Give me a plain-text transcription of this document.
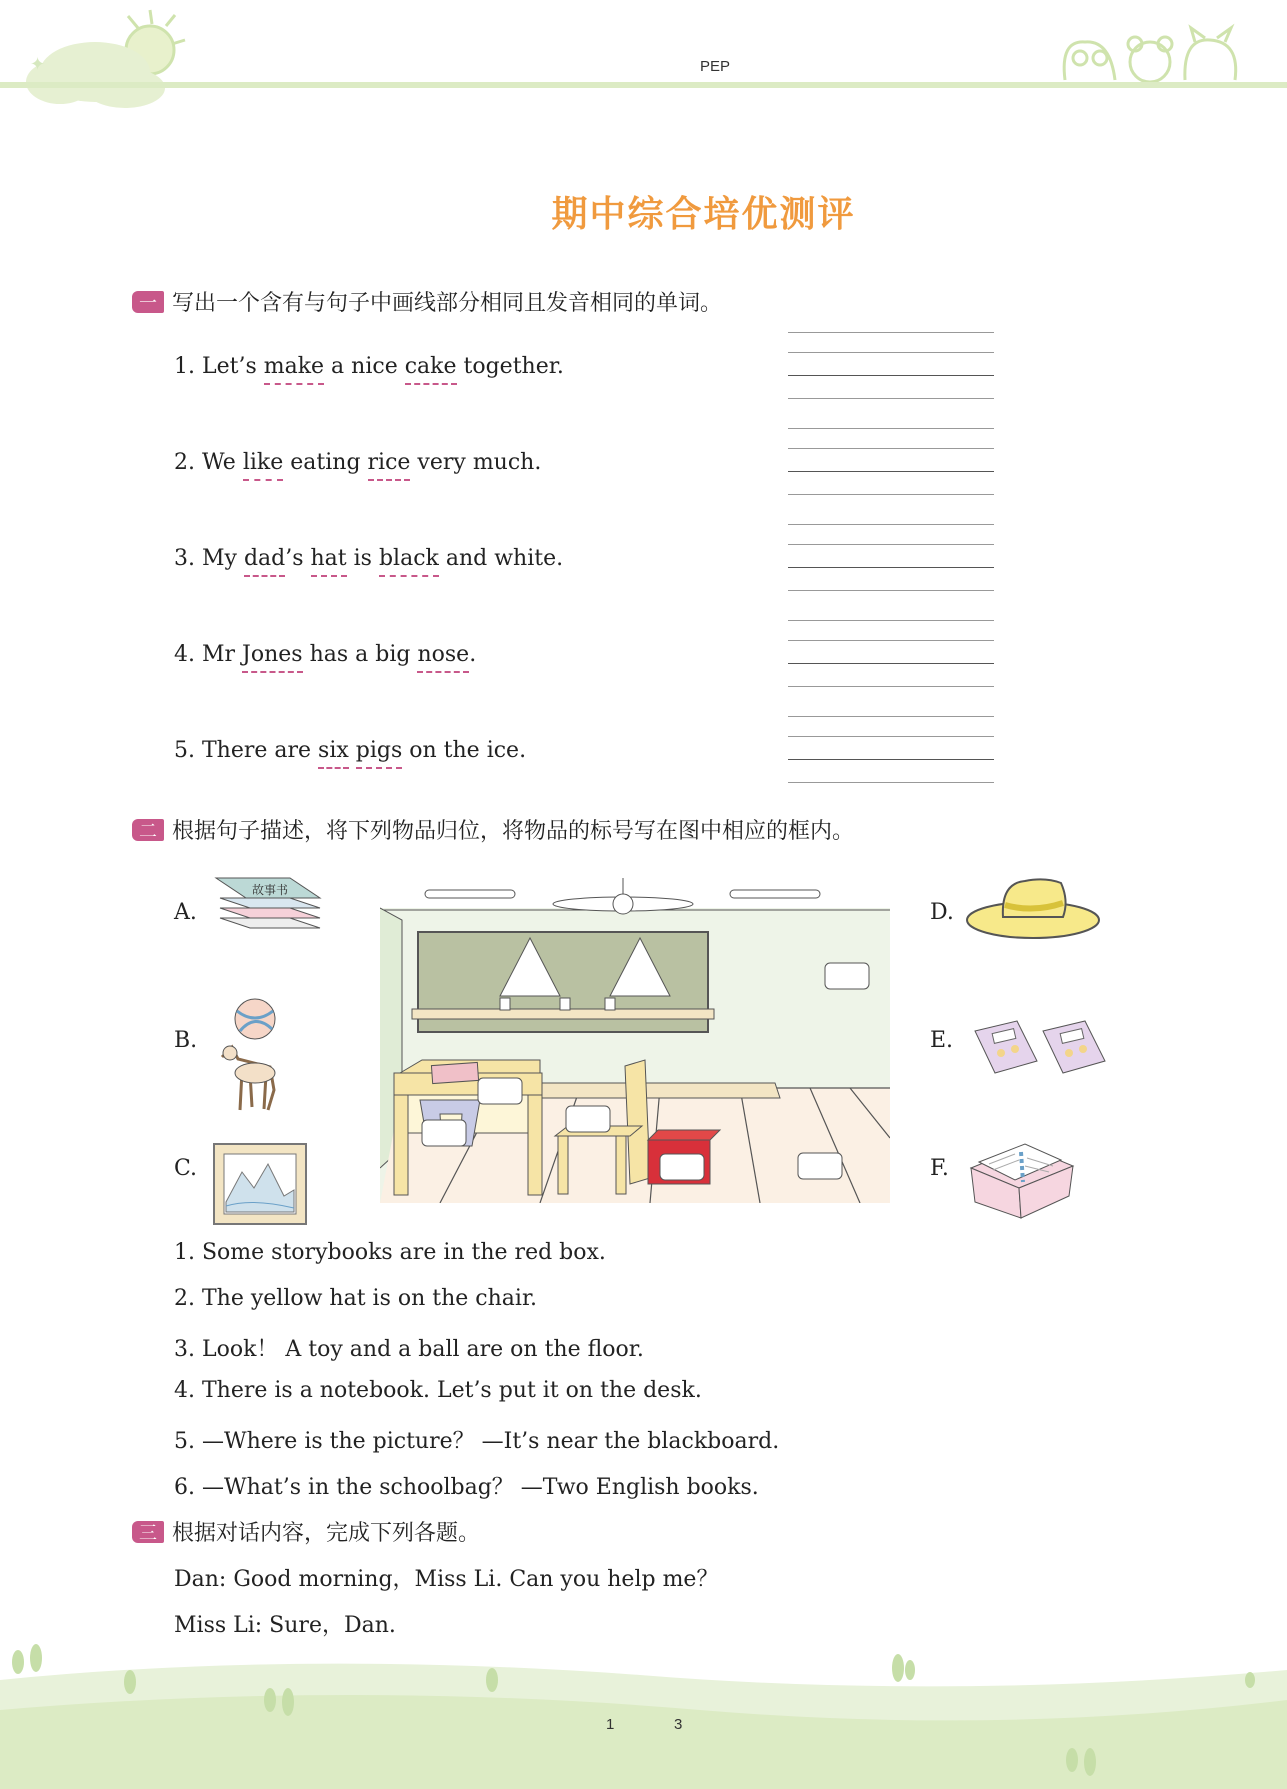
✦	PEP
期中综合培优测评
一 写出一个含有与句子中画线部分相同且发音相同的单词。
1. Let’s make a nice cake together.
2. We like eating rice very much.
3. My dad’s hat is black and white.
4. Mr Jones has a big nose.
5. There are six pigs on the ice.
二 根据句子描述，将下列物品归位，将物品的标号写在图中相应的框内。
A.
B.
C.
D.
E.
F.
故事书
1. Some storybooks are in the red box.
2. The yellow hat is on the chair.
3. Look！ A toy and a ball are on the floor.
4. There is a notebook. Let’s put it on the desk.
5. —Where is the picture？ —It’s near the blackboard.
6. —What’s in the schoolbag？ —Two English books.
三 根据对话内容，完成下列各题。
Dan: Good morning，Miss Li. Can you help me？
Miss Li: Sure，Dan.
1	3
